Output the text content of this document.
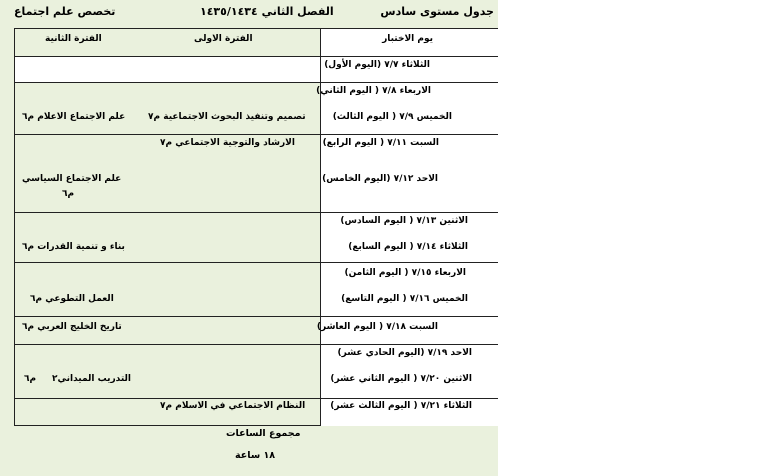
جدول مستوى سادس
الفصل الثاني ١٤٣٥/١٤٣٤
تخصص علم اجتماع
يوم الاختبار
الفترة الاولى
الفترة الثانية
الثلاثاء ٧/٧ (اليوم الأول)
الاربعاء ٧/٨ ( اليوم الثاني)
الخميس ٧/٩ ( اليوم الثالث)
السبت ٧/١١ ( اليوم الرابع)
الاحد ٧/١٢ (اليوم الخامس)
الاثنين ٧/١٣ ( اليوم السادس)
الثلاثاء ٧/١٤ ( اليوم السابع)
الاربعاء ٧/١٥ ( اليوم الثامن)
الخميس ٧/١٦ ( اليوم التاسع)
السبت ٧/١٨ ( اليوم العاشر)
الاحد ٧/١٩ (اليوم الحادي عشر)
الاثنين ٧/٢٠ ( اليوم الثاني عشر)
الثلاثاء ٧/٢١ ( اليوم الثالث عشر)
تصميم وتنفيذ البحوث الاجتماعية م٧
الارشاد والتوجية الاجتماعي م٧
النظام الاجتماعي في الاسلام م٧
علم الاجتماع الاعلام م٦
علم الاجتماع السياسي
م٦
بناء و تنمية القدرات م٦
العمل التطوعي م٦
تاريخ الخليج العربي م٦
التدريب الميداني٢
م٦
مجموع الساعات
١٨ ساعة
